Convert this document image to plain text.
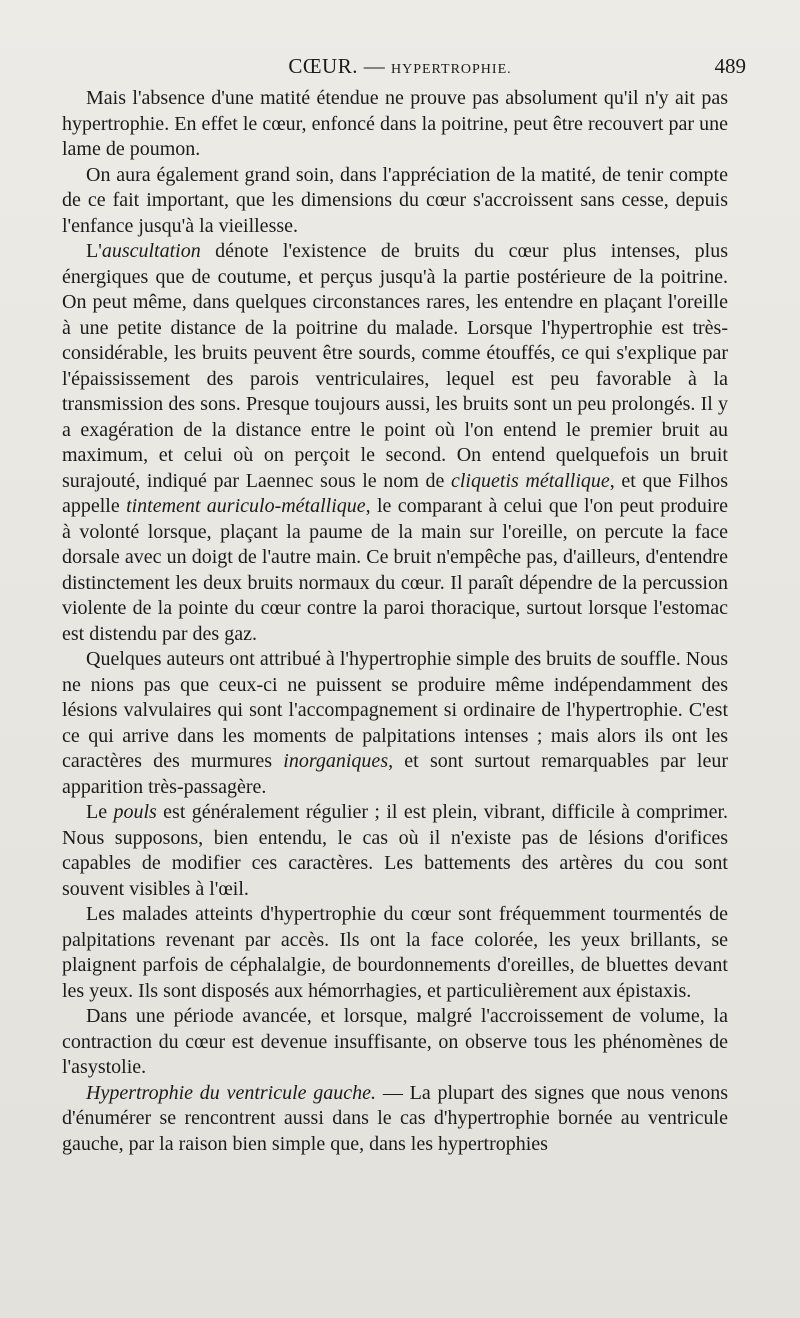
CŒUR. — HYPERTROPHIE.	489

Mais l'absence d'une matité étendue ne prouve pas absolument qu'il n'y ait pas hypertrophie. En effet le cœur, enfoncé dans la poitrine, peut être recouvert par une lame de poumon.

On aura également grand soin, dans l'appréciation de la matité, de tenir compte de ce fait important, que les dimensions du cœur s'accroissent sans cesse, depuis l'enfance jusqu'à la vieillesse.

L'auscultation dénote l'existence de bruits du cœur plus intenses, plus énergiques que de coutume, et perçus jusqu'à la partie postérieure de la poitrine. On peut même, dans quelques circonstances rares, les entendre en plaçant l'oreille à une petite distance de la poitrine du malade. Lorsque l'hypertrophie est très-considérable, les bruits peuvent être sourds, comme étouffés, ce qui s'explique par l'épaississement des parois ventriculaires, lequel est peu favorable à la transmission des sons. Presque toujours aussi, les bruits sont un peu prolongés. Il y a exagération de la distance entre le point où l'on entend le premier bruit au maximum, et celui où on perçoit le second. On entend quelquefois un bruit surajouté, indiqué par Laennec sous le nom de cliquetis métallique, et que Filhos appelle tintement auriculo-métallique, le comparant à celui que l'on peut produire à volonté lorsque, plaçant la paume de la main sur l'oreille, on percute la face dorsale avec un doigt de l'autre main. Ce bruit n'empêche pas, d'ailleurs, d'entendre distinctement les deux bruits normaux du cœur. Il paraît dépendre de la percussion violente de la pointe du cœur contre la paroi thoracique, surtout lorsque l'estomac est distendu par des gaz.

Quelques auteurs ont attribué à l'hypertrophie simple des bruits de souffle. Nous ne nions pas que ceux-ci ne puissent se produire même indépendamment des lésions valvulaires qui sont l'accompagnement si ordinaire de l'hypertrophie. C'est ce qui arrive dans les moments de palpitations intenses ; mais alors ils ont les caractères des murmures inorganiques, et sont surtout remarquables par leur apparition très-passagère.

Le pouls est généralement régulier ; il est plein, vibrant, difficile à comprimer. Nous supposons, bien entendu, le cas où il n'existe pas de lésions d'orifices capables de modifier ces caractères. Les battements des artères du cou sont souvent visibles à l'œil.

Les malades atteints d'hypertrophie du cœur sont fréquemment tourmentés de palpitations revenant par accès. Ils ont la face colorée, les yeux brillants, se plaignent parfois de céphalalgie, de bourdonnements d'oreilles, de bluettes devant les yeux. Ils sont disposés aux hémorrhagies, et particulièrement aux épistaxis.

Dans une période avancée, et lorsque, malgré l'accroissement de volume, la contraction du cœur est devenue insuffisante, on observe tous les phénomènes de l'asystolie.

Hypertrophie du ventricule gauche. — La plupart des signes que nous venons d'énumérer se rencontrent aussi dans le cas d'hypertrophie bornée au ventricule gauche, par la raison bien simple que, dans les hypertrophies
